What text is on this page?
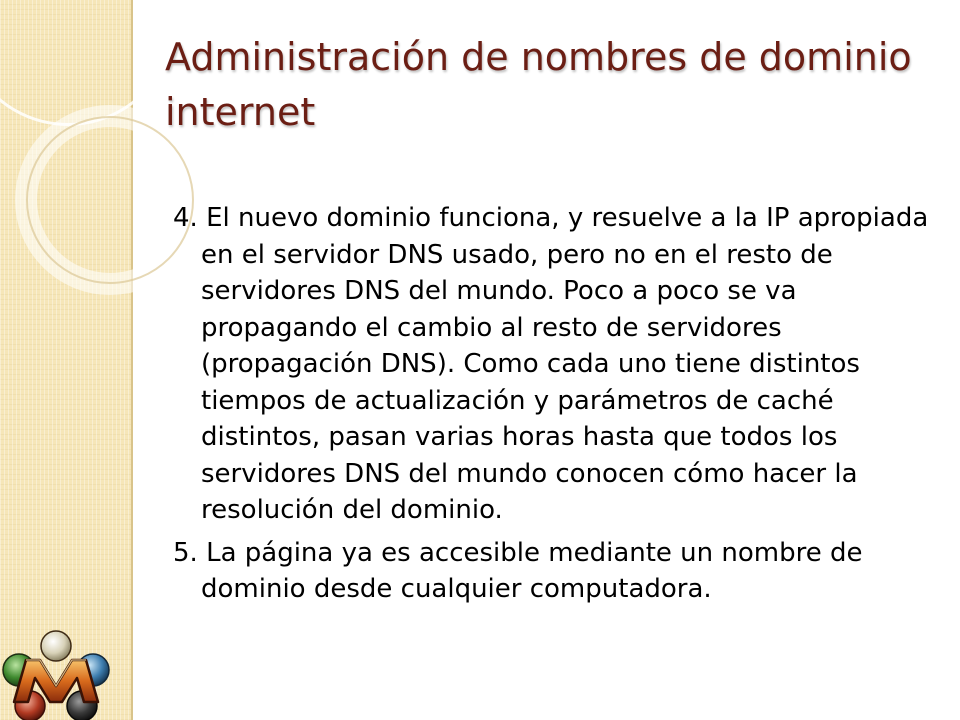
Administración de nombres de dominio internet

4. El nuevo dominio funciona, y resuelve a la IP apropiada en el servidor DNS usado, pero no en el resto de servidores DNS del mundo. Poco a poco se va propagando el cambio al resto de servidores (propagación DNS). Como cada uno tiene distintos tiempos de actualización y parámetros de caché distintos, pasan varias horas hasta que todos los servidores DNS del mundo conocen cómo hacer la resolución del dominio.

5. La página ya es accesible mediante un nombre de dominio desde cualquier computadora.
